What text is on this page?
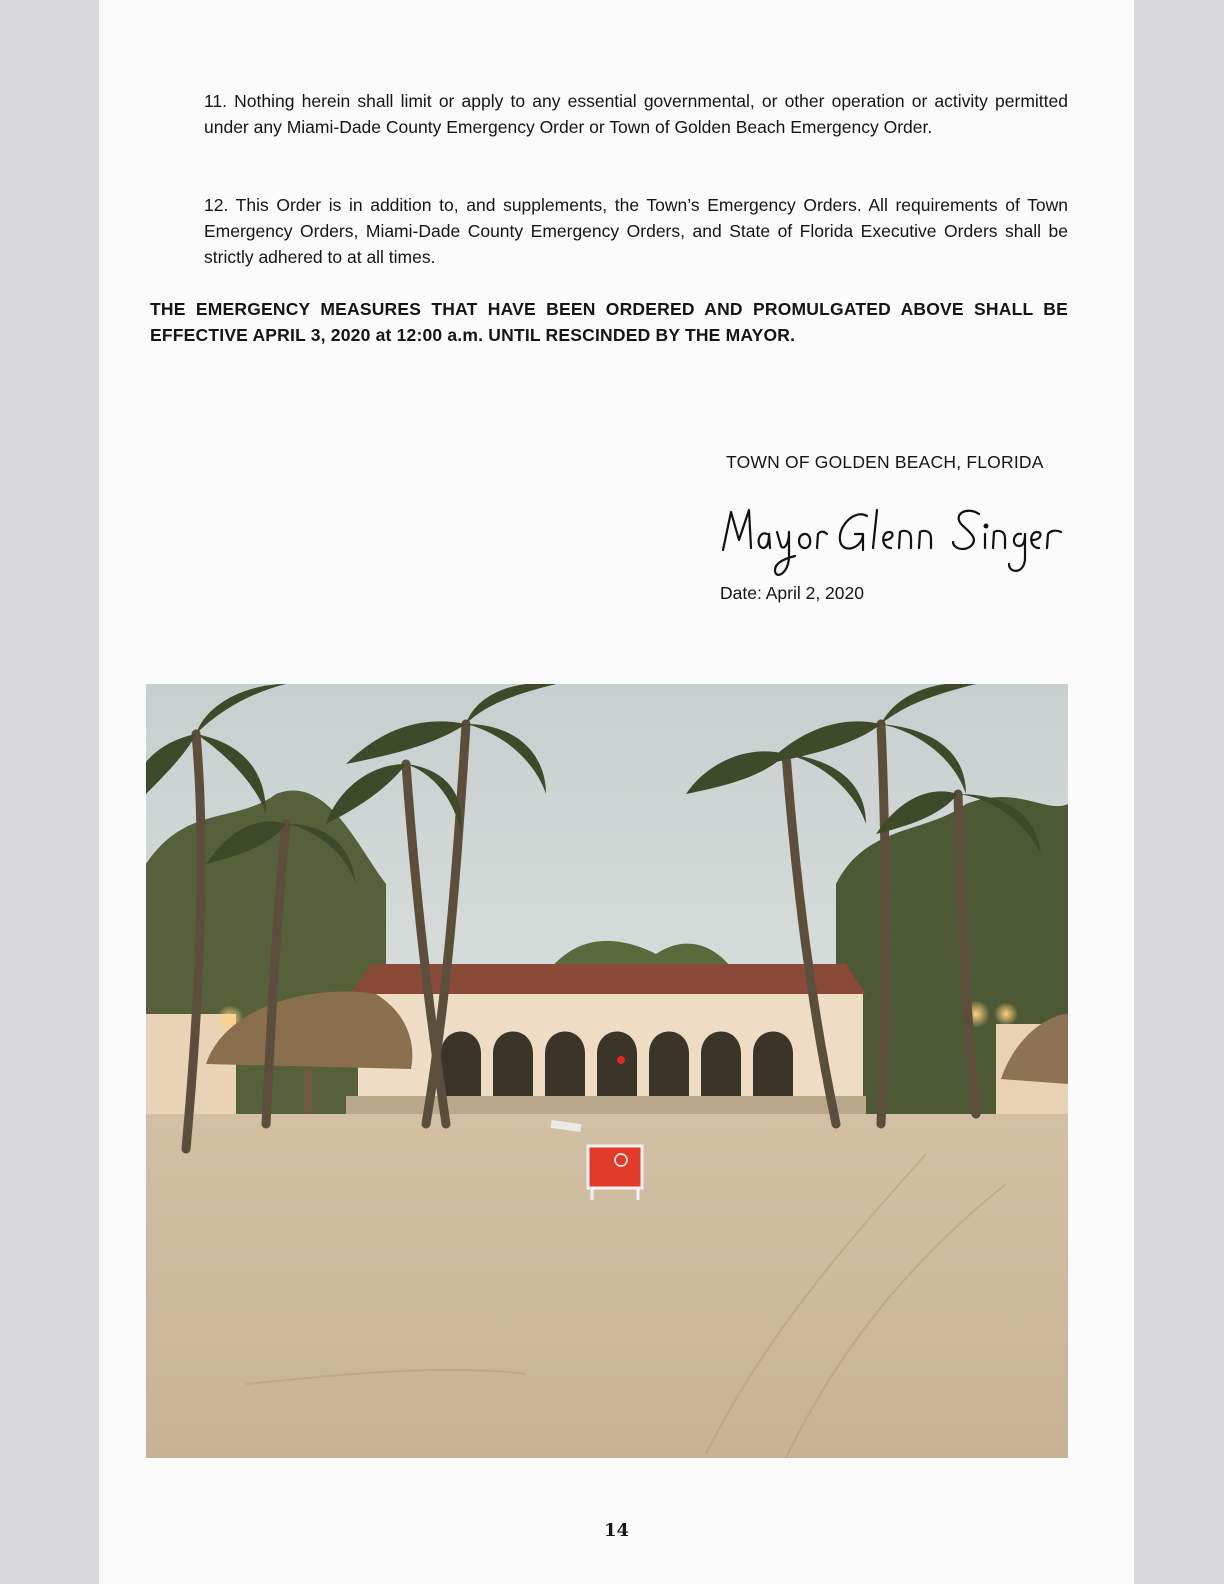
11. Nothing herein shall limit or apply to any essential governmental, or other operation or activity permitted under any Miami-Dade County Emergency Order or Town of Golden Beach Emergency Order.

12. This Order is in addition to, and supplements, the Town’s Emergency Orders. All requirements of Town Emergency Orders, Miami-Dade County Emergency Orders, and State of Florida Executive Orders shall be strictly adhered to at all times.

THE EMERGENCY MEASURES THAT HAVE BEEN ORDERED AND PROMULGATED ABOVE SHALL BE EFFECTIVE APRIL 3, 2020 at 12:00 a.m. UNTIL RESCINDED BY THE MAYOR.

TOWN OF GOLDEN BEACH, FLORIDA
Date: April 2, 2020
14
